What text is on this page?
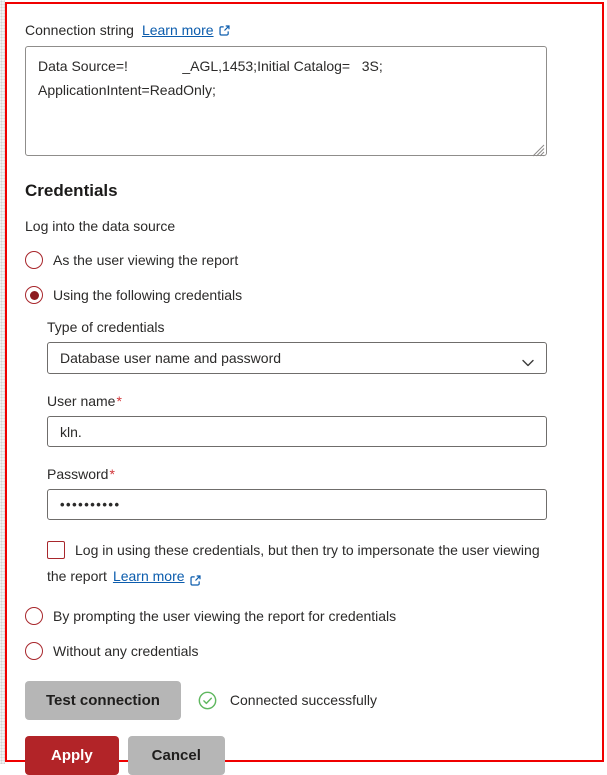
Connection string Learn more
Data Source=! _AGL,1453;Initial Catalog= 3S; ApplicationIntent=ReadOnly;
Credentials
Log into the data source
As the user viewing the report
Using the following credentials
Type of credentials
Database user name and password
User name*
kln.
Password*
••••••••••
Log in using these credentials, but then try to impersonate the user viewing the report Learn more
By prompting the user viewing the report for credentials
Without any credentials
Test connection	Connected successfully
Apply	Cancel
